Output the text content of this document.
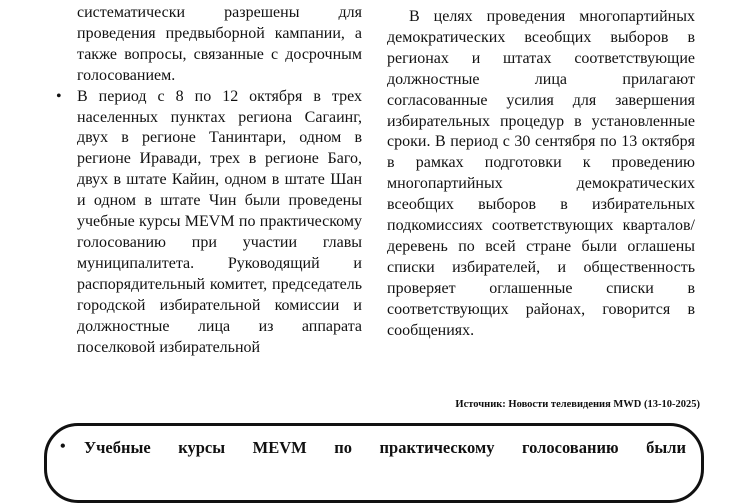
систематически разрешены для проведения предвыборной кампании, а также вопросы, связанные с досрочным голосованием.

• В период с 8 по 12 октября в трех населенных пунктах региона Сагаинг, двух в регионе Танинтари, одном в регионе Иравади, трех в регионе Баго, двух в штате Кайин, одном в штате Шан и одном в штате Чин были проведены учебные курсы MEVM по практическому голосованию при участии главы муниципалитета. Руководящий и распорядительный комитет, председатель городской избирательной комиссии и должностные лица из аппарата поселковой избирательной

В целях проведения многопартийных демократических всеобщих выборов в регионах и штатах соответствующие должностные лица прилагают согласованные усилия для завершения избирательных процедур в установленные сроки. В период с 30 сентября по 13 октября в рамках подготовки к проведению многопартийных демократических всеобщих выборов в избирательных подкомиссиях соответствующих кварталов/деревень по всей стране были оглашены списки избирателей, и общественность проверяет оглашенные списки в соответствующих районах, говорится в сообщениях.

Источник: Новости телевидения MWD (13-10-2025)
• Учебные курсы MEVM по практическому голосованию были
